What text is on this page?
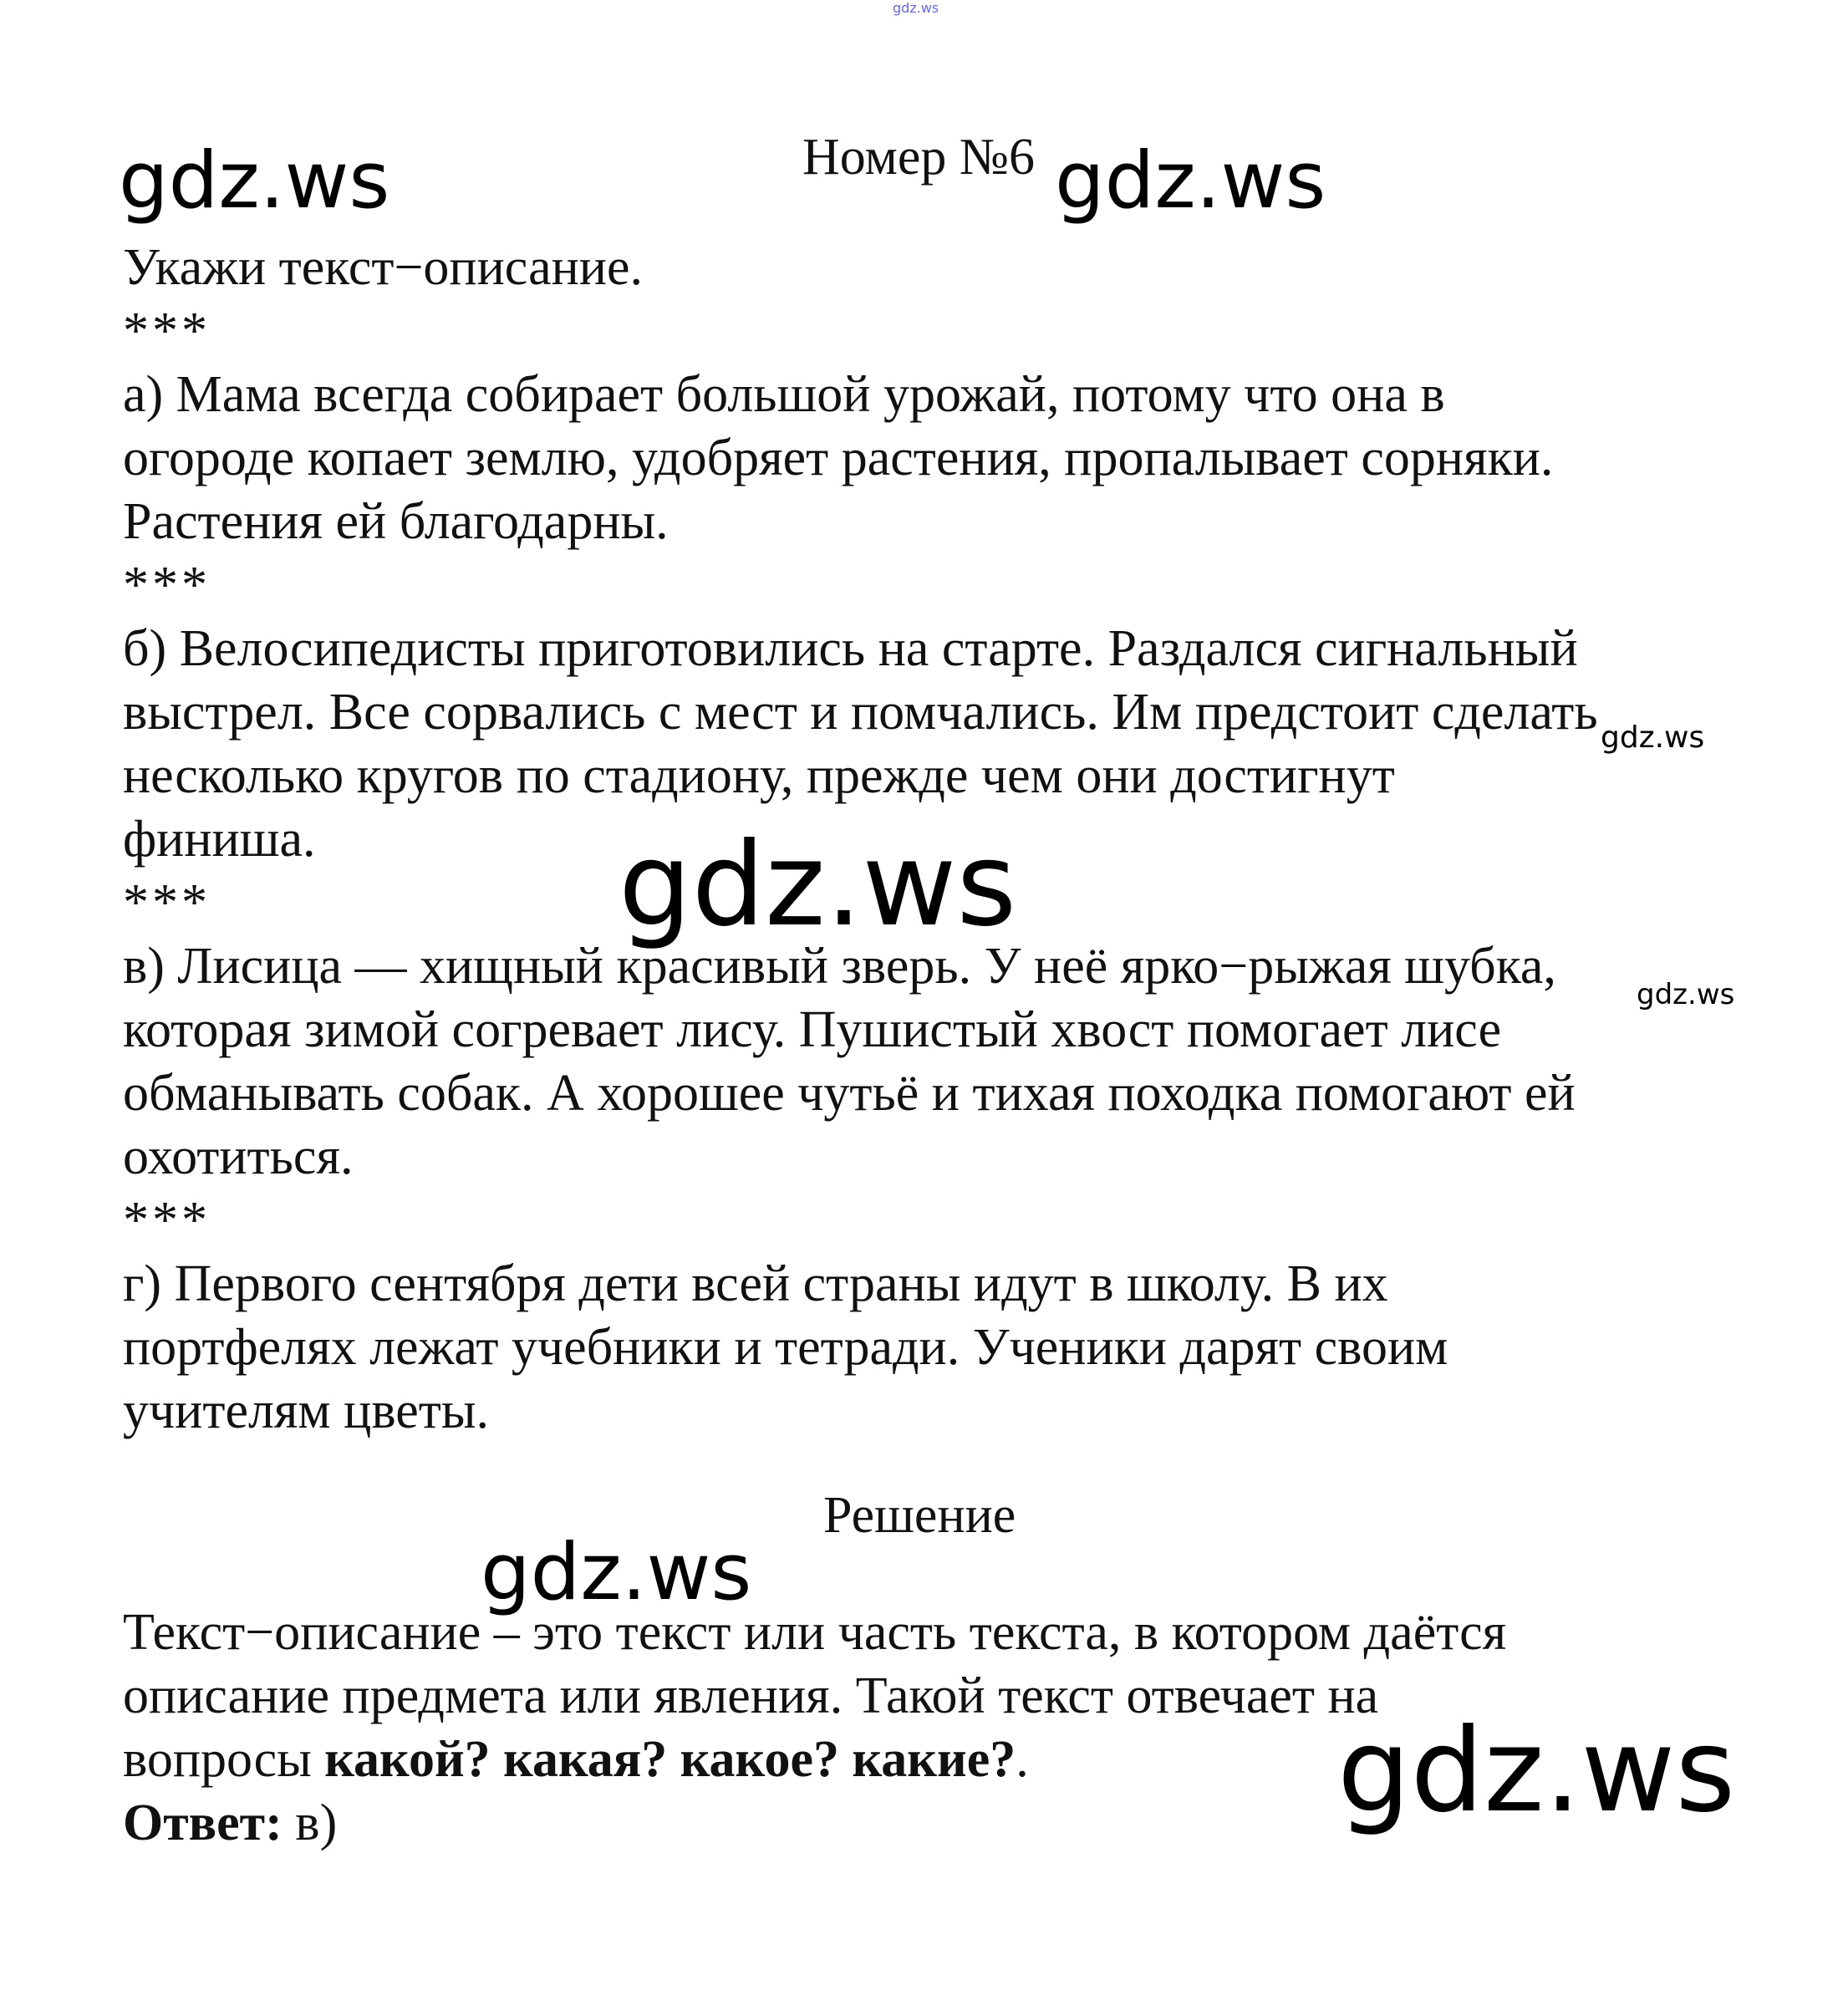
gdz.ws
gdz.ws	gdz.ws
gdz.ws
gdz.ws
gdz.ws
gdz.ws
gdz.ws
Номер №6
Укажи текст−описание.
***
а) Мама всегда собирает большой урожай, потому что она в
огороде копает землю, удобряет растения, пропалывает сорняки.
Растения ей благодарны.
***
б) Велосипедисты приготовились на старте. Раздался сигнальный
выстрел. Все сорвались с мест и помчались. Им предстоит сделать
несколько кругов по стадиону, прежде чем они достигнут
финиша.
***
в) Лисица — хищный красивый зверь. У неё ярко−рыжая шубка,
которая зимой согревает лису. Пушистый хвост помогает лисе
обманывать собак. А хорошее чутьё и тихая походка помогают ей
охотиться.
***
г) Первого сентября дети всей страны идут в школу. В их
портфелях лежат учебники и тетради. Ученики дарят своим
учителям цветы.
Решение
Текст−описание – это текст или часть текста, в котором даётся
описание предмета или явления. Такой текст отвечает на
вопросы какой? какая? какое? какие?.
Ответ: в)
